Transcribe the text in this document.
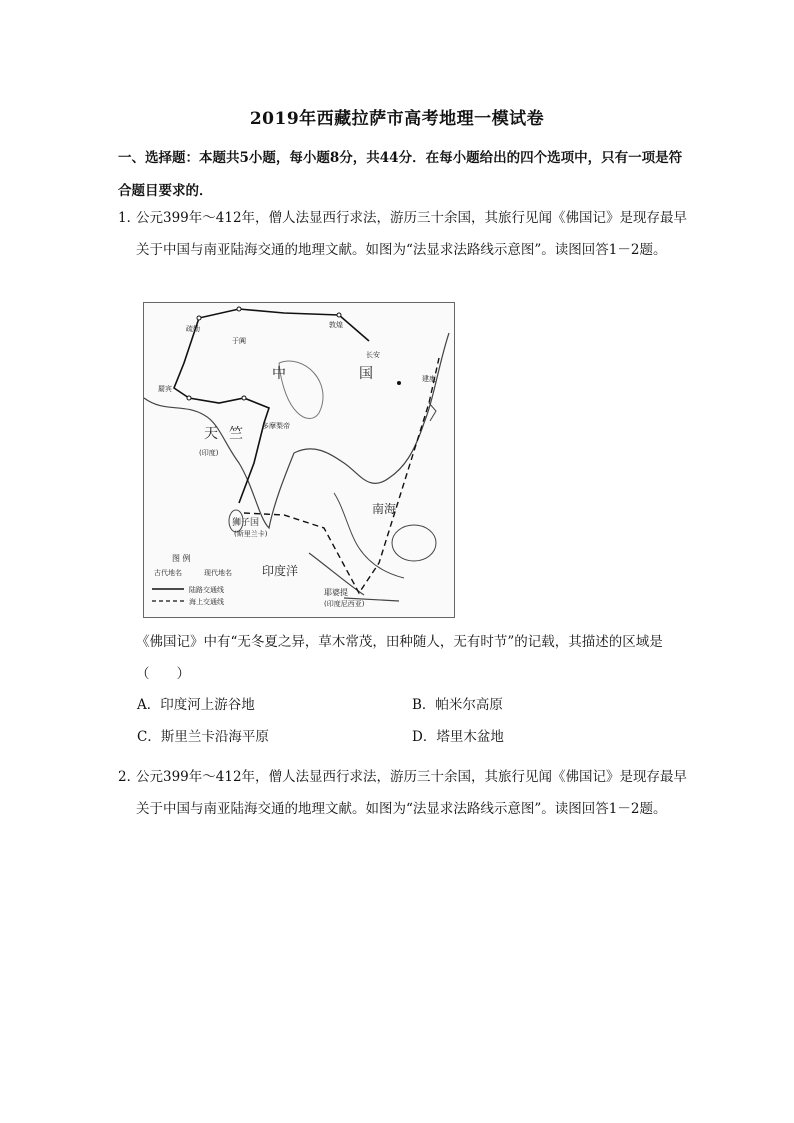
2019年西藏拉萨市高考地理一模试卷
一、选择题：本题共5小题，每小题8分，共44分．在每小题给出的四个选项中，只有一项是符合题目要求的．
1．
公元399年～412年，僧人法显西行求法，游历三十余国，其旅行见闻《佛国记》是现存最早关于中国与南亚陆海交通的地理文献。如图为“法显求法路线示意图”。读图回答1－2题。
中	国
天 竺
(印度)
狮子国
(斯里兰卡)
耶婆提
(印度尼西亚)
印度洋
南海
长安
建康
敦煌
于阗
疏勒
罽宾
多摩梨帝
图 例
古代地名	现代地名
陆路交通线
海上交通线
《佛国记》中有“无冬夏之异，草木常茂，田种随人，无有时节”的记载，其描述的区域是（　　）
A．印度河上游谷地	B．帕米尔高原
C．斯里兰卡沿海平原	D．塔里木盆地
2．
公元399年～412年，僧人法显西行求法，游历三十余国，其旅行见闻《佛国记》是现存最早关于中国与南亚陆海交通的地理文献。如图为“法显求法路线示意图”。读图回答1－2题。
